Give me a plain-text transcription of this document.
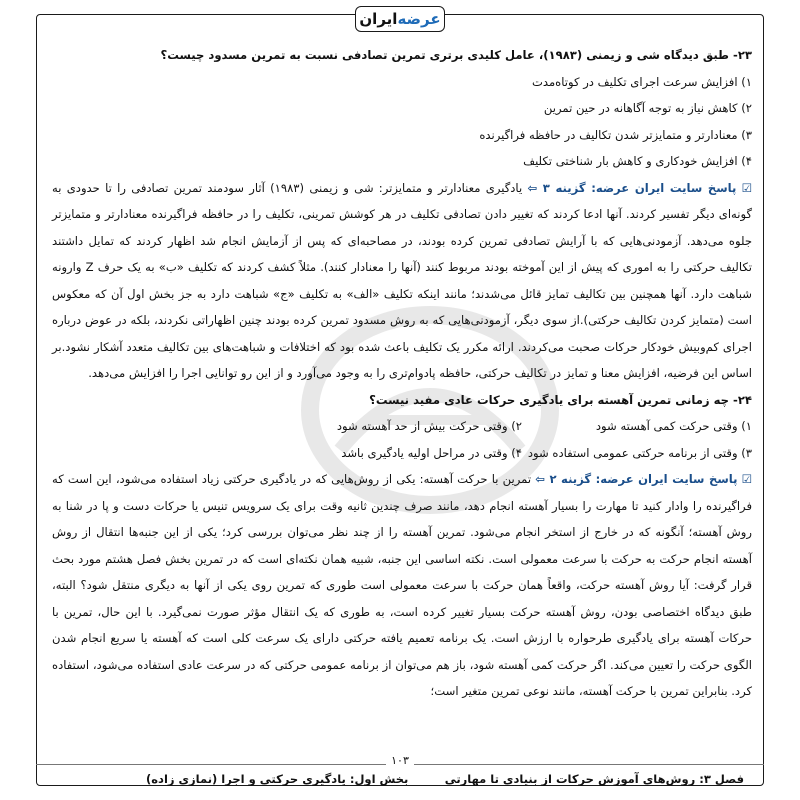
ایران عرضه
۲۳- طبق دیدگاه شی و زیمنی (۱۹۸۳)، عامل کلیدی برتری تمرین تصادفی نسبت به تمرین مسدود چیست؟
۱) افزایش سرعت اجرای تکلیف در کوتاه‌مدت
۲) کاهش نیاز به توجه آگاهانه در حین تمرین
۳) معنادارتر و متمایزتر شدن تکالیف در حافظه فراگیرنده
۴) افزایش خودکاری و کاهش بار شناختی تکلیف

☑ پاسخ سایت ایران عرضه: گزینه ۳ ⇦ یادگیری معنادارتر و متمایزتر: شی و زیمنی (۱۹۸۳) آثار سودمند تمرین تصادفی را تا حدودی به گونه‌ای دیگر تفسیر کردند. آنها ادعا کردند که تغییر دادن تصادفی تکلیف در هر کوشش تمرینی، تکلیف را در حافظه فراگیرنده معنادارتر و متمایزتر جلوه می‌دهد. آزمودنی‌هایی که با آرایش تصادفی تمرین کرده بودند، در مصاحبه‌ای که پس از آزمایش انجام شد اظهار کردند که تمایل داشتند تکالیف حرکتی را به اموری که پیش از این آموخته بودند مربوط کنند (آنها را معنادار کنند). مثلاً کشف کردند که تکلیف «ب» به یک حرف Z وارونه شباهت دارد. آنها همچنین بین تکالیف تمایز قائل می‌شدند؛ مانند اینکه تکلیف «الف» به تکلیف «ج» شباهت دارد به جز بخش اول آن که معکوس است (متمایز کردن تکالیف حرکتی).از سوی دیگر، آزمودنی‌هایی که به روش مسدود تمرین کرده بودند چنین اظهاراتی نکردند، بلکه در عوض درباره اجرای کم‌وبیش خودکار حرکات صحبت می‌کردند. ارائه مکرر یک تکلیف باعث شده بود که اختلافات و شباهت‌های بین تکالیف متعدد آشکار نشود.بر اساس این فرضیه، افزایش معنا و تمایز در تکالیف حرکتی، حافظه پادوام‌تری را به وجود می‌آورد و از این رو توانایی اجرا را افزایش می‌دهد.

۲۴- چه زمانی تمرین آهسته برای یادگیری حرکات عادی مفید نیست؟
۱) وقتی حرکت کمی آهسته شود
۲) وقتی حرکت بیش از حد آهسته شود
۳) وقتی از برنامه حرکتی عمومی استفاده شود
۴) وقتی در مراحل اولیه یادگیری باشد

☑ پاسخ سایت ایران عرضه: گزینه ۲ ⇦ تمرین با حرکت آهسته: یکی از روش‌هایی که در یادگیری حرکتی زیاد استفاده می‌شود، این است که فراگیرنده را وادار کنید تا مهارت را بسیار آهسته انجام دهد، مانند صرف چندین ثانیه وقت برای یک سرویس تنیس یا حرکات دست و پا در شنا به روش آهسته؛ آنگونه که در خارج از استخر انجام می‌شود. تمرین آهسته را از چند نظر می‌توان بررسی کرد؛ یکی از این جنبه‌ها انتقال از روش آهسته انجام حرکت به حرکت با سرعت معمولی است. نکته اساسی این جنبه، شبیه همان نکته‌ای است که در تمرین بخش فصل هشتم مورد بحث قرار گرفت: آیا روش آهسته حرکت، واقعاً همان حرکت با سرعت معمولی است طوری که تمرین روی یکی از آنها به دیگری منتقل شود؟ البته، طبق دیدگاه اختصاصی بودن، روش آهسته حرکت بسیار تغییر کرده است، به طوری که یک انتقال مؤثر صورت نمی‌گیرد. با این حال، تمرین با حرکات آهسته برای یادگیری طرحواره با ارزش است. یک برنامه تعمیم یافته حرکتی دارای یک سرعت کلی است که آهسته یا سریع انجام شدن الگوی حرکت را تعیین می‌کند. اگر حرکت کمی آهسته شود، باز هم می‌توان از برنامه عمومی حرکتی که در سرعت عادی استفاده می‌شود، استفاده کرد. بنابراین تمرین با حرکت آهسته، مانند نوعی تمرین متغیر است؛

۱۰۳
بخش اول: یادگیری حرکتی و اجرا (نمازی زاده)	فصل ۳: روش‌های آموزش حرکات از بنیادی تا مهارتی
